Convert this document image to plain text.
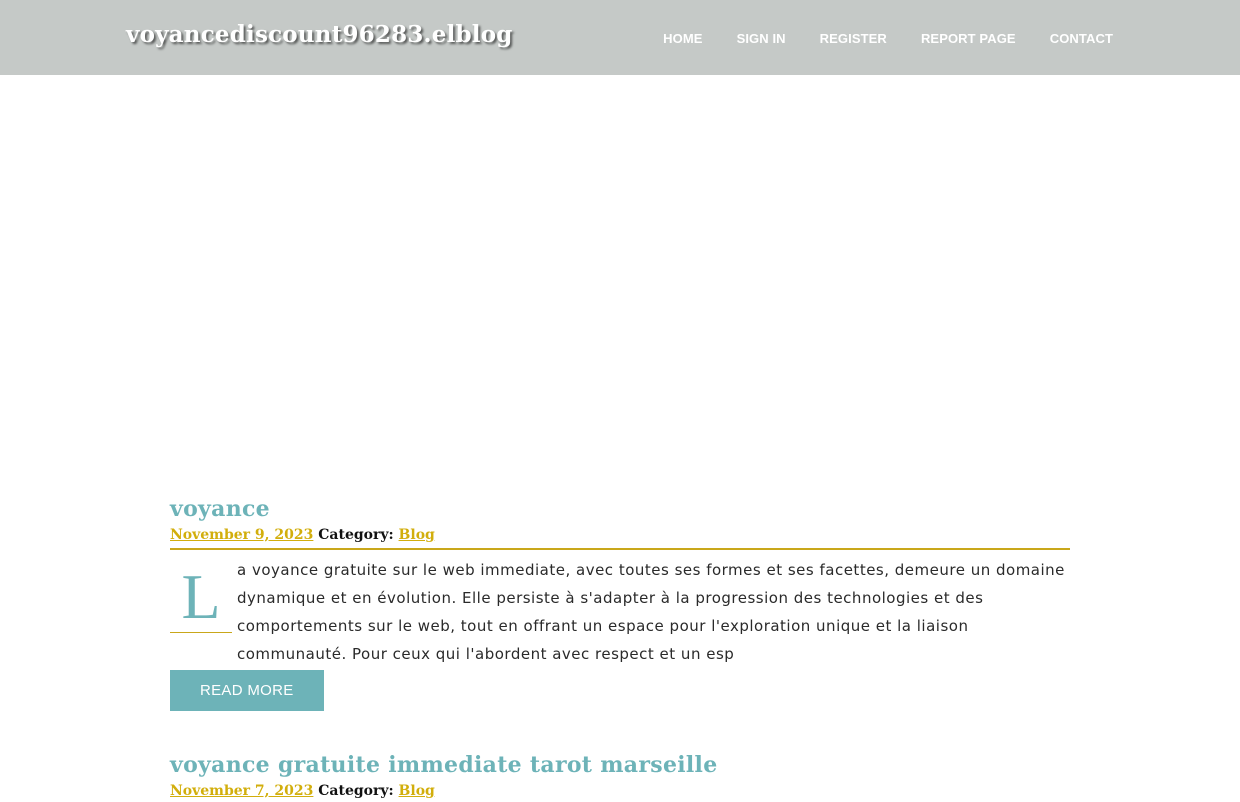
voyancediscount96283.elblog	HOME	SIGN IN	REGISTER	REPORT PAGE	CONTACT
voyance
November 9, 2023 Category: Blog
L	a voyance gratuite sur le web immediate, avec toutes ses formes et ses facettes, demeure un domaine dynamique et en évolution. Elle persiste à s'adapter à la progression des technologies et des comportements sur le web, tout en offrant un espace pour l'exploration unique et la liaison communauté. Pour ceux qui l'abordent avec respect et un esp
READ MORE
voyance gratuite immediate tarot marseille
November 7, 2023 Category: Blog
